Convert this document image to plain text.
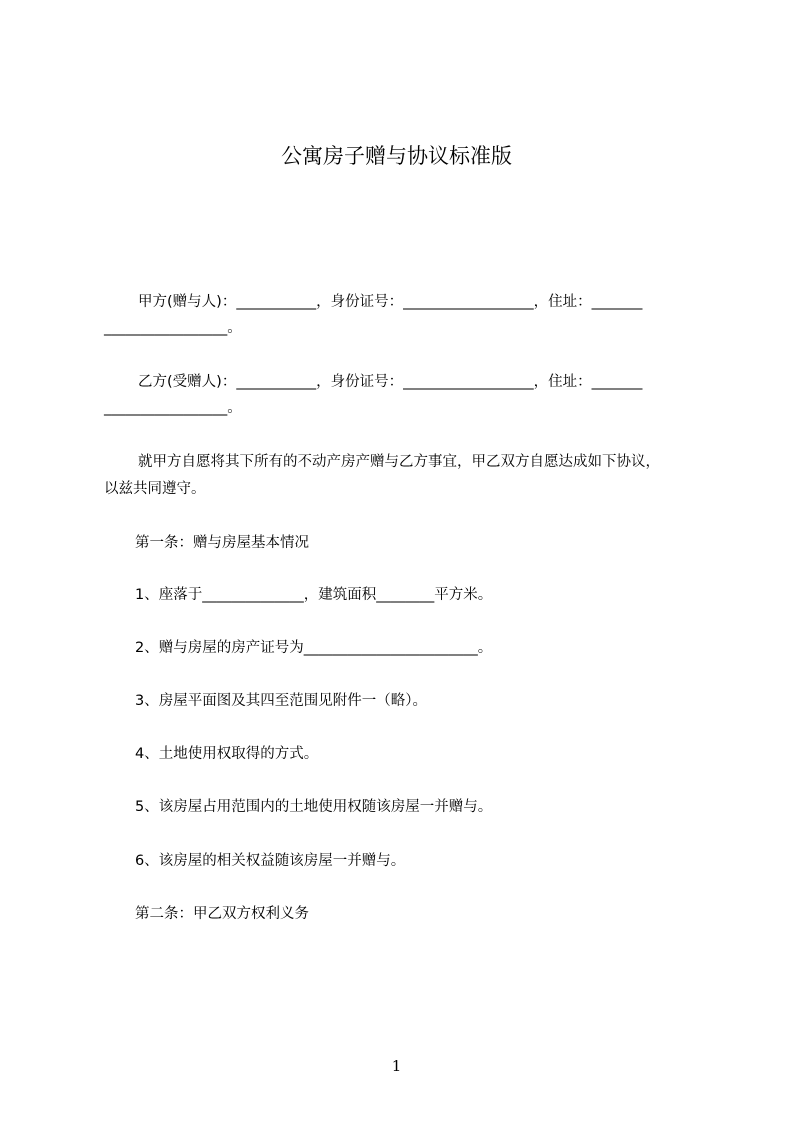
公寓房子赠与协议标准版
甲方(赠与人)：___________，身份证号：__________________，住址：_______
_________________。
乙方(受赠人)：___________，身份证号：__________________，住址：_______
_________________。
就甲方自愿将其下所有的不动产房产赠与乙方事宜，甲乙双方自愿达成如下协议，
以兹共同遵守。
第一条：赠与房屋基本情况
1、座落于______________，建筑面积________平方米。
2、赠与房屋的房产证号为________________________。
3、房屋平面图及其四至范围见附件一（略）。
4、土地使用权取得的方式。
5、该房屋占用范围内的土地使用权随该房屋一并赠与。
6、该房屋的相关权益随该房屋一并赠与。
第二条：甲乙双方权利义务
1
